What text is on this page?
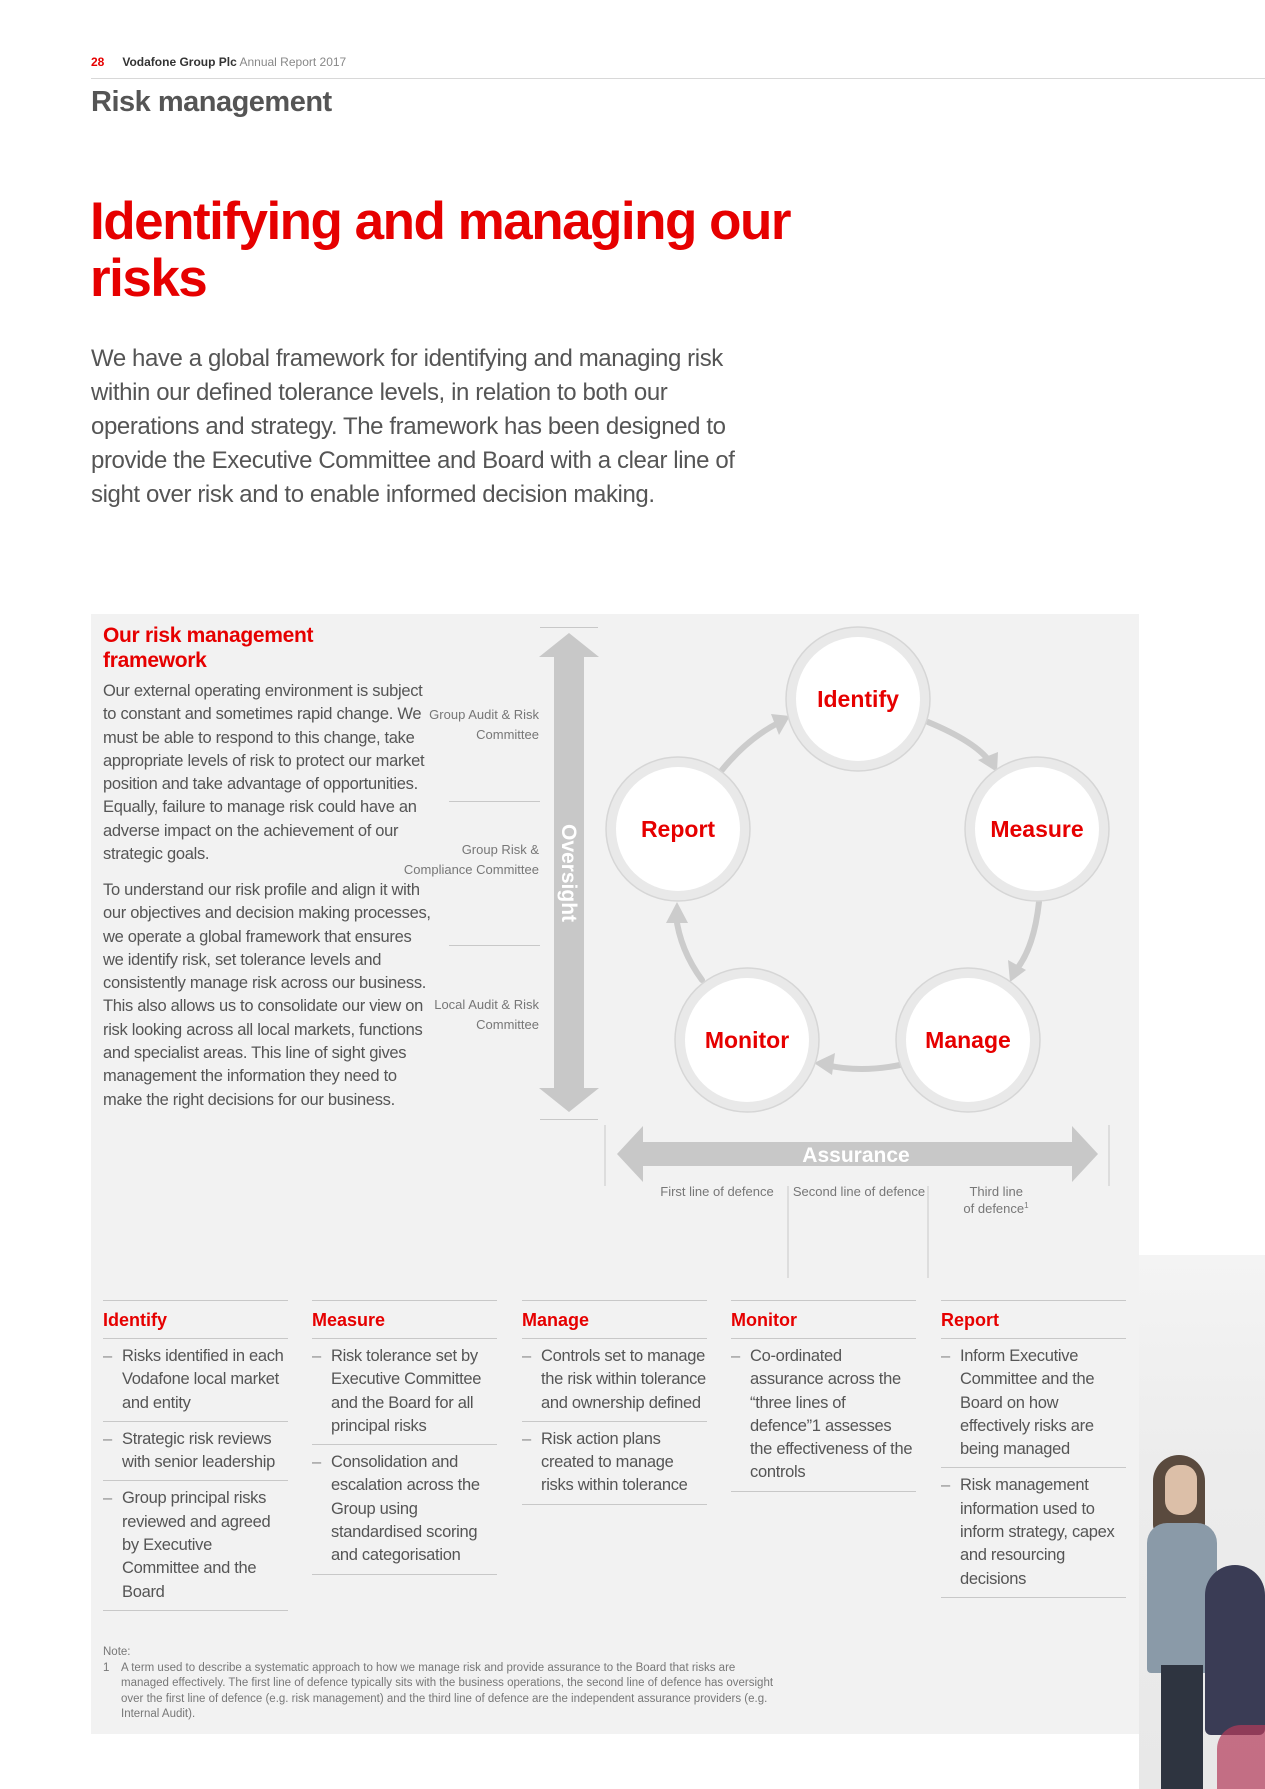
28 Vodafone Group Plc Annual Report 2017
Risk management
Identifying and managing our risks
We have a global framework for identifying and managing risk within our defined tolerance levels, in relation to both our operations and strategy. The framework has been designed to provide the Executive Committee and Board with a clear line of sight over risk and to enable informed decision making.
Our risk management framework
Our external operating environment is subject to constant and sometimes rapid change. We must be able to respond to this change, take appropriate levels of risk to protect our market position and take advantage of opportunities. Equally, failure to manage risk could have an adverse impact on the achievement of our strategic goals.
To understand our risk profile and align it with our objectives and decision making processes, we operate a global framework that ensures we identify risk, set tolerance levels and consistently manage risk across our business. This also allows us to consolidate our view on risk looking across all local markets, functions and specialist areas. This line of sight gives management the information they need to make the right decisions for our business.
Group Audit & Risk Committee
Group Risk & Compliance Committee
Local Audit & Risk Committee
Oversight
Identify
Measure
Manage
Monitor
Report
Assurance
First line of defence Second line of defence	Third line of defence$^1$
Identify
– Risks identified in each Vodafone local market and entity
– Strategic risk reviews with senior leadership
– Group principal risks reviewed and agreed by Executive Committee and the Board
Measure
– Risk tolerance set by Executive Committee and the Board for all principal risks
– Consolidation and escalation across the Group using standardised scoring and categorisation
Manage
– Controls set to manage the risk within tolerance and ownership defined
– Risk action plans created to manage risks within tolerance
Monitor
– Co-ordinated assurance across the “three lines of defence”1 assesses the effectiveness of the controls
Report
– Inform Executive Committee and the Board on how effectively risks are being managed
– Risk management information used to inform strategy, capex and resourcing decisions
Note:
1 A term used to describe a systematic approach to how we manage risk and provide assurance to the Board that risks are managed effectively. The first line of defence typically sits with the business operations, the second line of defence has oversight over the first line of defence (e.g. risk management) and the third line of defence are the independent assurance providers (e.g. Internal Audit).
